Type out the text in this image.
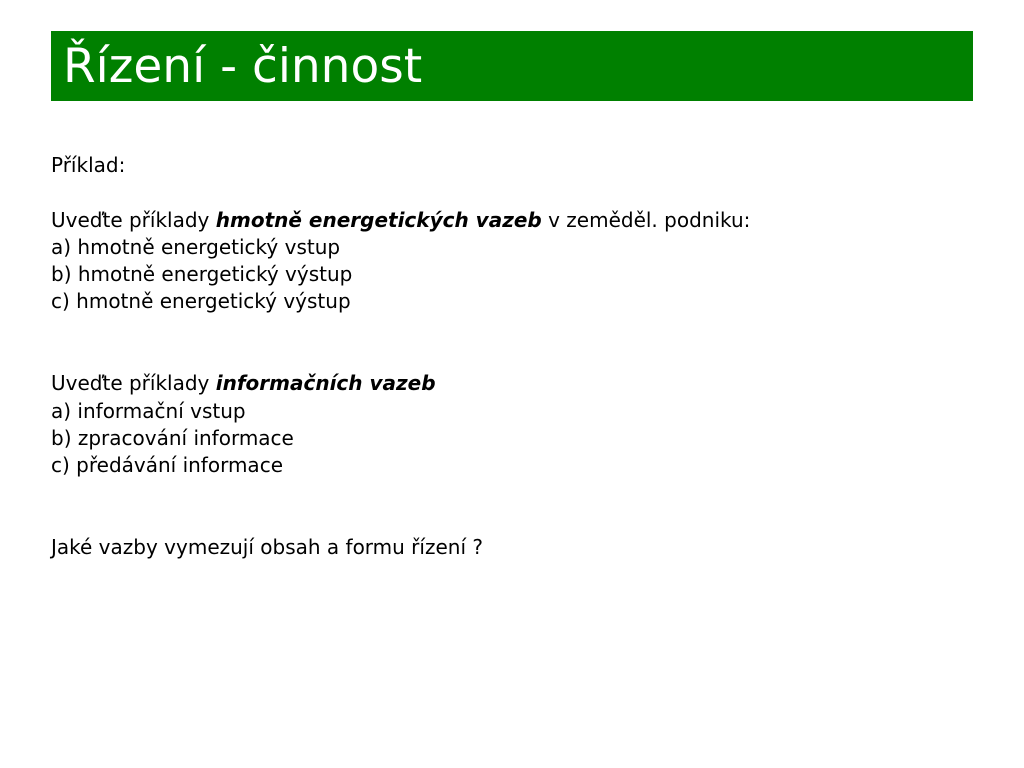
Řízení - činnost
Příklad:
Uveďte příklady hmotně energetických vazeb v zeměděl. podniku:
a) hmotně energetický vstup
b) hmotně energetický výstup
c) hmotně energetický výstup
Uveďte příklady informačních vazeb
a) informační vstup
b) zpracování informace
c) předávání informace
Jaké vazby vymezují obsah a formu řízení ?
